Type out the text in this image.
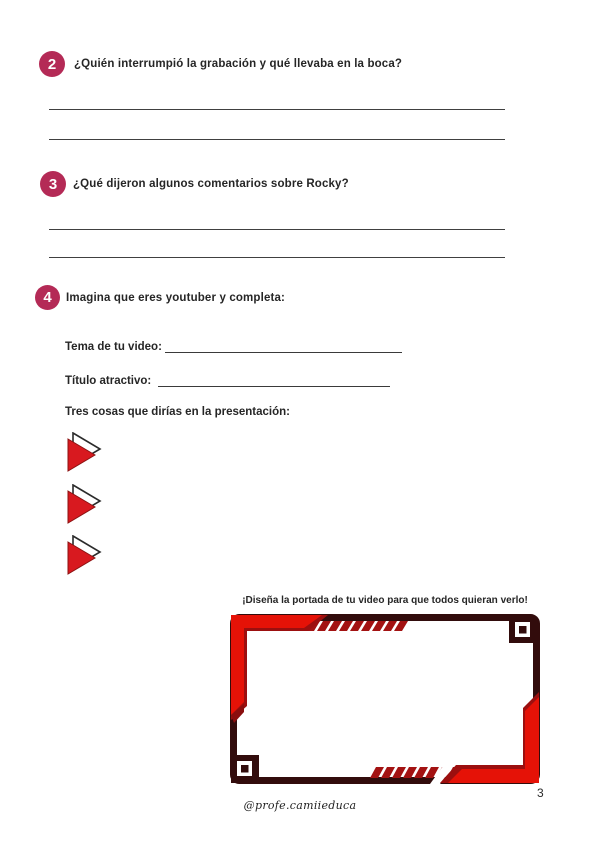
2 ¿Quién interrumpió la grabación y qué llevaba en la boca?
3 ¿Qué dijeron algunos comentarios sobre Rocky?
4 Imagina que eres youtuber y completa:
Tema de tu video:
Título atractivo:
Tres cosas que dirías en la presentación:
¡Diseña la portada de tu video para que todos quieran verlo!
3
@profe.camiieduca
